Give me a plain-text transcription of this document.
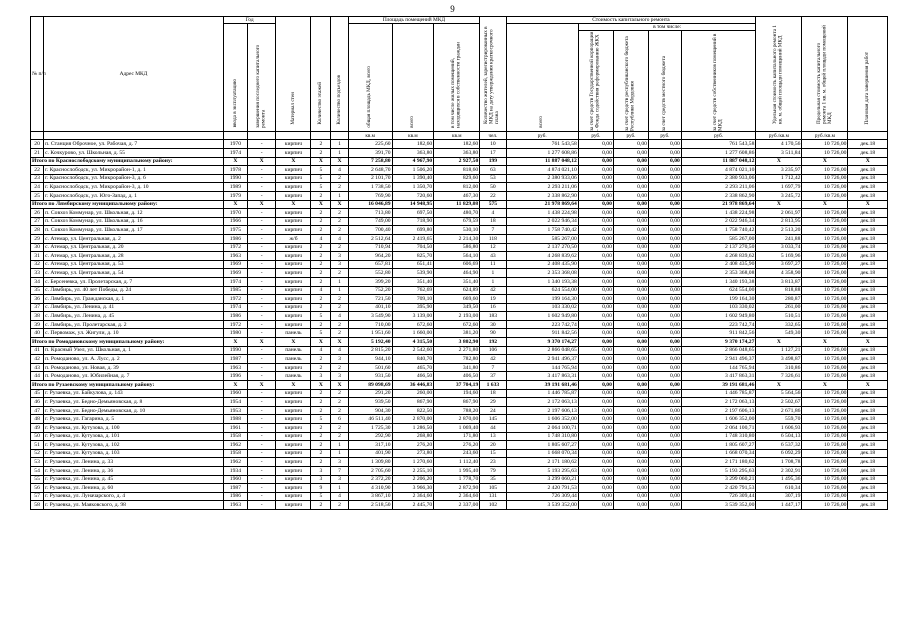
9
№ п/п	Адрес МКД	Год		Материал стен	Количество этажей	Количество подъездов	Площадь помещений МКД			Количество жителей, зарегистрированных в МКД на дату утверждения краткосрочного плана	Стоимость капитального ремонта					Удельная стоимость капитального ремонта 1 кв. м. общей площади помещений МКД	Предельная стоимость капитального ремонта 1 кв. м. общей площади помещений МКД	Плановая дата завершения работ

		ввода в эксплуатацию	завершения последнего капитального ремонта				общая площадь МКД, всего	всего	в том числе жилых помещений, находящихся в собственности граждан		всего	в том числе:						

												за счет средств Государственной корпорации - Фонда содействия реформированию ЖКХ	за счет средств республиканского бюджета Республики Мордовия	за счет средств местного бюджета	за счет средств собственников помещений в МКД			

							кв.м	кв.м	кв.м	чел.	руб.	руб.	руб.	руб.	руб.	руб./кв.м	руб./кв.м	
20	п. Станция Оброчное, ул. Рабочая, д. 7	1970	-	кирпич	2	1	225,60	182,60	182,60	10	761 543,58	0,00	0,00	0,00	761 543,58	4 170,56	10 726,00	дек.18
21	с. Кочкурово, ул. Школьная, д. 55	1974	-	кирпич	2	1	391,70	363,80	363,80	17	1 277 608,86	0,00	0,00	0,00	1 277 608,86	3 511,84	10 726,00	дек.18
Итого по Краснослободскому муниципальному району:		X	X	X	X	X	7 258,80	4 967,90	2 927,50	199	11 887 048,12	0,00	0,00	0,00	11 887 048,12	X	X	X
22	г. Краснослободск, ул. Микрорайон-1, д. 1	1978	-	кирпич	5	4	2 648,70	1 506,20	818,60	63	4 874 021,10	0,00	0,00	0,00	4 874 021,10	3 235,97	10 726,00	дек.18
23	г. Краснослободск, ул. Микрорайон-3, д. 6	1990	-	кирпич	5	2	2 101,70	1 390,40	829,60	53	2 380 933,06	0,00	0,00	0,00	2 380 933,06	1 712,42	10 726,00	дек.18
24	г. Краснослободск, ул. Микрорайон-3, д. 10	1989	-	кирпич	5	2	1 738,50	1 350,70	812,00	50	2 293 211,06	0,00	0,00	0,00	2 293 211,06	1 697,79	10 726,00	дек.18
25	г. Краснослободск, ул. Юго-Запад, д. 1	1979	-	кирпич	2	1	769,90	720,60	467,30	22	2 338 862,90	0,00	0,00	0,00	2 338 862,90	3 245,72	10 726,00	дек.18
Итого по Лямбирскому муниципальному району:		X	X	X	X	X	16 046,89	14 948,95	11 829,08	575	21 978 869,64	0,00	0,00	0,00	21 978 869,64	X	X	X
26	п. Совхоз Коммунар, ул. Школьная, д. 12	1970	-	кирпич	2	2	713,80	697,50	480,70	4	1 438 224,98	0,00	0,00	0,00	1 438 224,98	2 061,97	10 726,00	дек.18
27	п. Совхоз Коммунар, ул. Школьная, д. 16	1966	-	кирпич	2	2	749,00	718,90	679,59	18	2 022 946,34	0,00	0,00	0,00	2 022 946,34	2 813,95	10 726,00	дек.18
28	п. Совхоз Коммунар, ул. Школьная, д. 17	1975	-	кирпич	2	2	700,40	699,80	530,10	7	1 758 740,42	0,00	0,00	0,00	1 758 740,42	2 513,20	10 726,00	дек.18
29	с. Атемар, ул. Центральная, д. 2	1986	-	ж/б	4	4	2 512,64	2 419,65	2 214,30	118	585 267,00	0,00	0,00	0,00	585 267,00	241,88	10 726,00	дек.18
30	с. Атемар, ул. Центральная, д. 20	1972	-	кирпич	2	2	710,94	704,50	586,80	12	2 137 270,50	0,00	0,00	0,00	2 137 270,50	3 033,74	10 726,00	дек.18
31	с. Атемар, ул. Центральная, д. 28	1963	-	кирпич	2	3	964,20	825,70	564,10	43	4 268 839,62	0,00	0,00	0,00	4 268 839,62	5 169,96	10 726,00	дек.18
32	с. Атемар, ул. Центральная, д. 53	1969	-	кирпич	2	3	657,81	651,41	606,69	11	2 408 435,90	0,00	0,00	0,00	2 408 435,90	3 697,27	10 726,00	дек.18
33	с. Атемар, ул. Центральная, д. 54	1969	-	кирпич	2	2	552,80	539,90	464,90	1	2 353 368,08	0,00	0,00	0,00	2 353 368,08	4 358,90	10 726,00	дек.18
34	с. Берсеневка, ул. Пролетарская, д. 7	1974	-	кирпич	2	1	399,20	351,40	351,40	1	1 340 193,38	0,00	0,00	0,00	1 340 193,38	3 813,87	10 726,00	дек.18
35	с. Лямбирь, ул. 40 лет Победы, д. 24	1985	-	кирпич	4	1	752,20	762,69	624,89	42	624 554,00	0,00	0,00	0,00	624 554,00	818,88	10 726,00	дек.18
36	с. Лямбирь, ул. Гражданская, д. 1	1972	-	кирпич	2	2	721,50	709,10	669,60	19	199 164,30	0,00	0,00	0,00	199 164,30	280,87	10 726,00	дек.18
37	с. Лямбирь, ул. Ленина, д. 41	1974	-	кирпич	2	2	401,10	395,90	349,50	16	103 330,02	0,00	0,00	0,00	103 330,02	261,00	10 726,00	дек.18
38	с. Лямбирь, ул. Ленина, д. 45	1986	-	кирпич	5	4	3 549,90	3 139,00	2 193,00	183	1 602 949,80	0,00	0,00	0,00	1 602 949,80	510,51	10 726,00	дек.18
39	с. Лямбирь, ул. Пролетарская, д. 2	1972	-	кирпич	2	2	710,00	672,60	672,60	30	223 742,74	0,00	0,00	0,00	223 742,74	332,65	10 726,00	дек.18
40	с. Первомаж, ул. Жигули, д. 10	1980	-	панель	5	2	1 951,60	1 660,00	381,20	90	911 842,56	0,00	0,00	0,00	911 842,56	549,30	10 726,00	дек.18
Итого по Ромодановскому муниципальному району:		X	X	X	X	X	5 192,40	4 315,50	3 802,90	192	9 370 174,27	0,00	0,00	0,00	9 370 174,27	X	X	X
41	п. Красный Узел, ул. Школьная, д. 1	1990	-	панель	4	4	2 815,20	2 542,60	2 271,80	106	2 866 048,65	0,00	0,00	0,00	2 866 048,65	1 127,21	10 726,00	дек.18
42	п. Ромоданово, ул. А. Лусс, д. 2	1987	-	панель	2	3	944,10	840,70	782,80	42	2 941 496,37	0,00	0,00	0,00	2 941 496,37	3 498,87	10 726,00	дек.18
43	п. Ромоданово, ул. Новая, д. 39	1963	-	кирпич	2	2	501,60	465,70	341,80	7	144 765,94	0,00	0,00	0,00	144 765,94	310,86	10 726,00	дек.18
44	п. Ромоданово, ул. Юбилейная, д. 7	1996	-	панель	3	3	931,50	466,50	406,50	37	3 417 863,31	0,00	0,00	0,00	3 417 863,31	7 326,61	10 726,00	дек.18
Итого по Рузаевскому муниципальному району:		X	X	X	X	X	89 098,69	36 446,83	37 704,19	1 633	39 191 681,46	0,00	0,00	0,00	39 191 681,46	X	X	X
45	г. Рузаевка, ул. Байкулова, д. 143	1960	-	кирпич	2	2	291,20	260,00	194,60	18	1 446 785,87	0,00	0,00	0,00	1 446 785,87	5 564,56	10 726,00	дек.18
46	г. Рузаевка, ул. Бедно-Демьяновская, д. 8	1954	-	кирпич	2	2	939,50	867,90	867,90	29	2 172 063,13	0,00	0,00	0,00	2 172 063,13	2 502,67	10 726,00	дек.18
47	г. Рузаевка, ул. Бедно-Демьяновская, д. 10	1953	-	кирпич	2	2	904,30	822,50	788,20	24	2 197 606,13	0,00	0,00	0,00	2 197 606,13	2 671,86	10 726,00	дек.18
48	г. Рузаевка, ул. Гагарина, д. 5	1988	-	кирпич	5	6	46 511,40	2 870,00	2 870,00	145	1 606 352,00	0,00	0,00	0,00	1 606 352,00	559,70	10 726,00	дек.18
49	г. Рузаевка, ул. Кутузова, д. 100	1961	-	кирпич	2	2	1 725,30	1 286,50	1 069,40	44	2 064 100,71	0,00	0,00	0,00	2 064 100,71	1 606,93	10 726,00	дек.18
50	г. Рузаевка, ул. Кутузова, д. 101	1958	-	кирпич	2	2	292,90	268,80	171,80	13	1 748 310,80	0,00	0,00	0,00	1 748 310,80	6 504,13	10 726,00	дек.18
51	г. Рузаевка, ул. Кутузова, д. 102	1962	-	кирпич	2	1	317,10	276,20	276,20	20	1 805 607,27	0,00	0,00	0,00	1 805 607,27	6 537,32	10 726,00	дек.18
52	г. Рузаевка, ул. Кутузова, д. 103	1958	-	кирпич	2	1	401,90	273,80	243,60	15	1 668 070,34	0,00	0,00	0,00	1 668 070,34	6 092,29	10 726,00	дек.18
53	г. Рузаевка, ул. Ленина, д. 33	1962	-	кирпич	2	3	1 309,80	1 270,60	1 112,40	23	2 171 180,62	0,00	0,00	0,00	2 171 180,62	1 708,78	10 726,00	дек.18
54	г. Рузаевка, ул. Ленина, д. 36	1934	-	кирпич	3	7	2 705,60	2 255,10	1 995,40	79	5 193 295,63	0,00	0,00	0,00	5 193 295,63	2 302,91	10 726,00	дек.18
55	г. Рузаевка, ул. Ленина, д. 45	1960	-	кирпич	3	3	2 372,20	2 206,20	1 778,70	35	3 299 060,21	0,00	0,00	0,00	3 299 060,21	1 495,36	10 726,00	дек.18
56	г. Рузаевка, ул. Ленина, д. 60	1987	-	кирпич	9	1	4 310,90	3 966,30	2 872,90	105	2 420 791,53	0,00	0,00	0,00	2 420 791,53	610,34	10 726,00	дек.18
57	г. Рузаевка, ул. Луначарского, д. 4	1986	-	кирпич	5	4	3 867,10	2 364,60	2 364,60	131	726 309,44	0,00	0,00	0,00	726 309,44	307,19	10 726,00	дек.18
58	г. Рузаевка, ул. Маяковского, д. 98	1963	-	кирпич	2	2	2 518,50	2 445,70	2 337,00	102	3 539 352,00	0,00	0,00	0,00	3 539 352,00	1 447,17	10 726,00	дек.18
